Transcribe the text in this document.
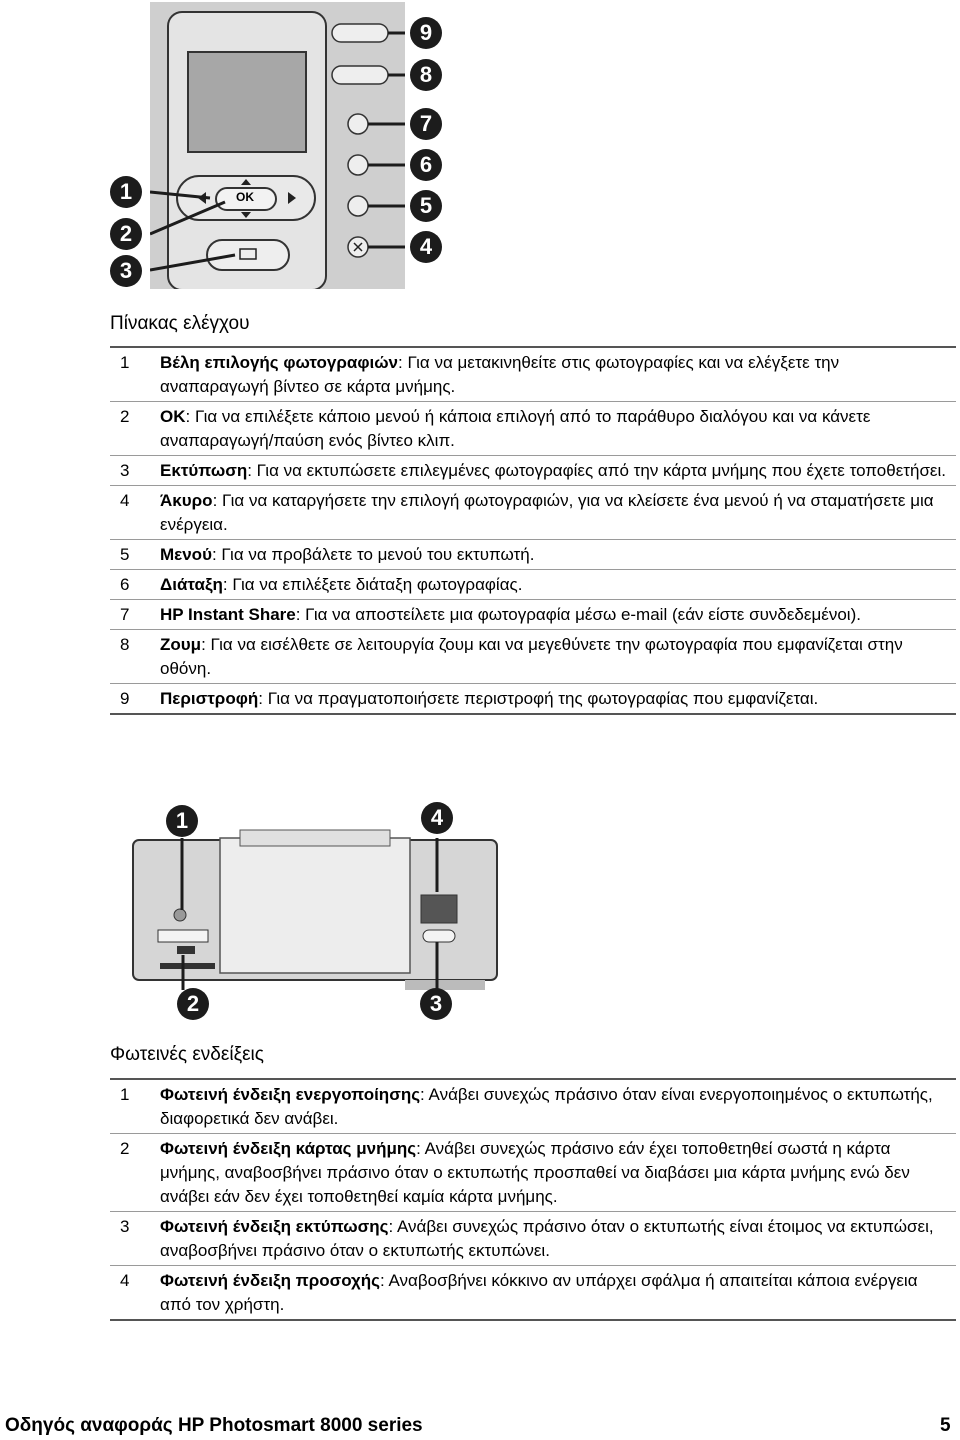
OK
1
2
3
4
5
6
7
8
9
Πίνακας ελέγχου
1	Βέλη επιλογής φωτογραφιών: Για να μετακινηθείτε στις φωτογραφίες και να ελέγξετε την αναπαραγωγή βίντεο σε κάρτα μνήμης.
2	OK: Για να επιλέξετε κάποιο μενού ή κάποια επιλογή από το παράθυρο διαλόγου και να κάνετε αναπαραγωγή/παύση ενός βίντεο κλιπ.
3	Εκτύπωση: Για να εκτυπώσετε επιλεγμένες φωτογραφίες από την κάρτα μνήμης που έχετε τοποθετήσει.
4	Άκυρο: Για να καταργήσετε την επιλογή φωτογραφιών, για να κλείσετε ένα μενού ή να σταματήσετε μια ενέργεια.
5	Μενού: Για να προβάλετε το μενού του εκτυπωτή.
6	Διάταξη: Για να επιλέξετε διάταξη φωτογραφίας.
7	HP Instant Share: Για να αποστείλετε μια φωτογραφία μέσω e-mail (εάν είστε συνδεδεμένοι).
8	Ζουμ: Για να εισέλθετε σε λειτουργία ζουμ και να μεγεθύνετε την φωτογραφία που εμφανίζεται στην οθόνη.
9	Περιστροφή: Για να πραγματοποιήσετε περιστροφή της φωτογραφίας που εμφανίζεται.
1
2	3
4
Φωτεινές ενδείξεις
1	Φωτεινή ένδειξη ενεργοποίησης: Ανάβει συνεχώς πράσινο όταν είναι ενεργοποιημένος ο εκτυπωτής, διαφορετικά δεν ανάβει.
2	Φωτεινή ένδειξη κάρτας μνήμης: Ανάβει συνεχώς πράσινο εάν έχει τοποθετηθεί σωστά η κάρτα μνήμης, αναβοσβήνει πράσινο όταν ο εκτυπωτής προσπαθεί να διαβάσει μια κάρτα μνήμης ενώ δεν ανάβει εάν δεν έχει τοποθετηθεί καμία κάρτα μνήμης.
3	Φωτεινή ένδειξη εκτύπωσης: Ανάβει συνεχώς πράσινο όταν ο εκτυπωτής είναι έτοιμος να εκτυπώσει, αναβοσβήνει πράσινο όταν ο εκτυπωτής εκτυπώνει.
4	Φωτεινή ένδειξη προσοχής: Αναβοσβήνει κόκκινο αν υπάρχει σφάλμα ή απαιτείται κάποια ενέργεια από τον χρήστη.
Οδηγός αναφοράς HP Photosmart 8000 series	5
